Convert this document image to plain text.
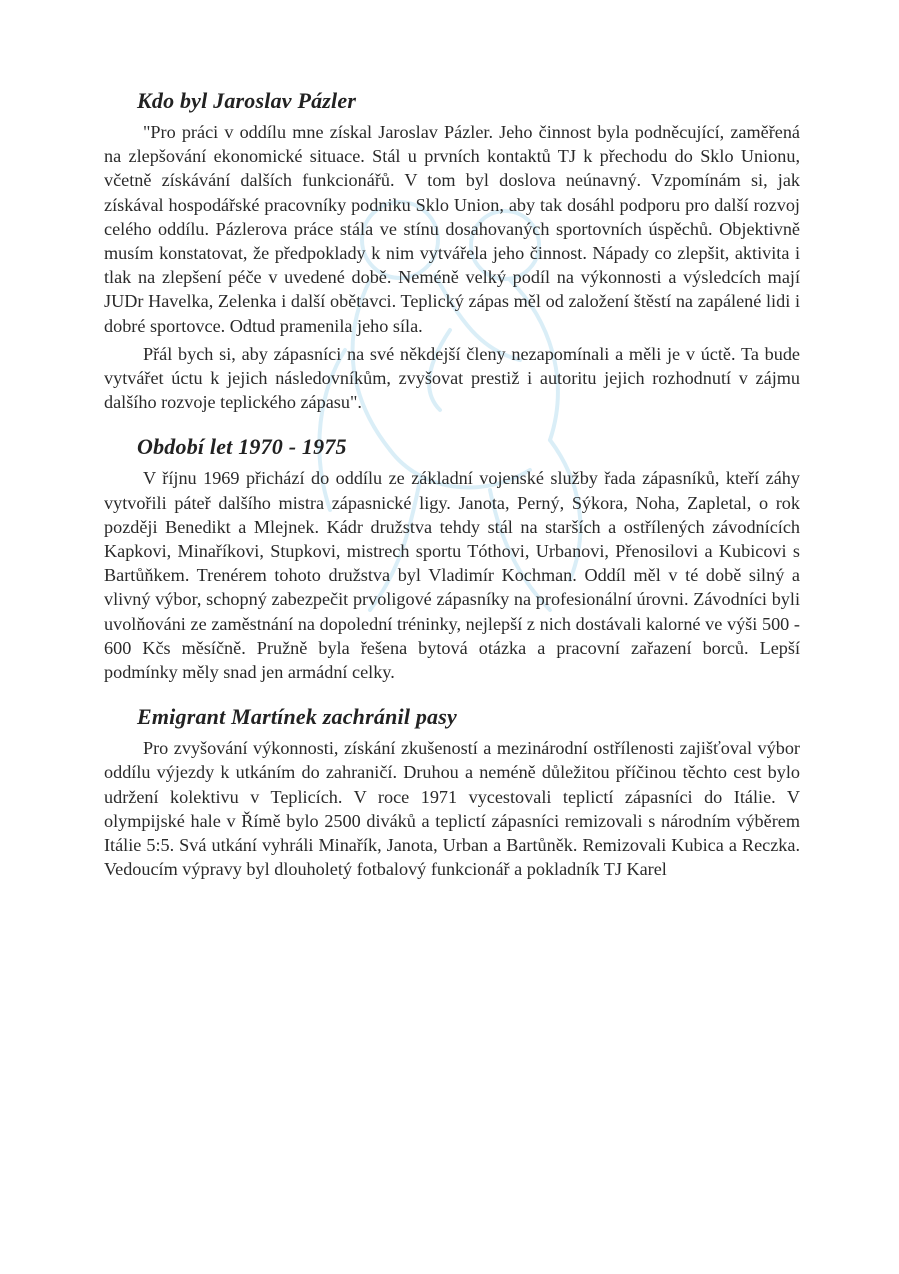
Kdo byl Jaroslav Pázler

"Pro práci v oddílu mne získal Jaroslav Pázler. Jeho činnost byla podněcující, zaměřená na zlepšování ekonomické situace. Stál u prvních kontaktů TJ k přechodu do Sklo Unionu, včetně získávání dalších funkcionářů. V tom byl doslova neúnavný. Vzpomínám si, jak získával hospodářské pracovníky podniku Sklo Union, aby tak dosáhl podporu pro další rozvoj celého oddílu. Pázlerova práce stála ve stínu dosahovaných sportovních úspěchů. Objektivně musím konstatovat, že předpoklady k nim vytvářela jeho činnost. Nápady co zlepšit, aktivita i tlak na zlepšení péče v uvedené době. Neméně velký podíl na výkonnosti a výsledcích mají JUDr Havelka, Zelenka i další obětavci. Teplický zápas měl od založení štěstí na zapálené lidi i dobré sportovce. Odtud pramenila jeho síla.

Přál bych si, aby zápasníci na své někdejší členy nezapomínali a měli je v úctě. Ta bude vytvářet úctu k jejich následovníkům, zvyšovat prestiž i autoritu jejich rozhodnutí v zájmu dalšího rozvoje teplického zápasu".

Období let 1970 - 1975

V říjnu 1969 přichází do oddílu ze základní vojenské služby řada zápasníků, kteří záhy vytvořili páteř dalšího mistra zápasnické ligy. Janota, Perný, Sýkora, Noha, Zapletal, o rok později Benedikt a Mlejnek. Kádr družstva tehdy stál na starších a ostřílených závodnících Kapkovi, Minaříkovi, Stupkovi, mistrech sportu Tóthovi, Urbanovi, Přenosilovi a Kubicovi s Bartůňkem. Trenérem tohoto družstva byl Vladimír Kochman. Oddíl měl v té době silný a vlivný výbor, schopný zabezpečit prvoligové zápasníky na profesionální úrovni. Závodníci byli uvolňováni ze zaměstnání na dopolední tréninky, nejlepší z nich dostávali kalorné ve výši 500 - 600 Kčs měsíčně. Pružně byla řešena bytová otázka a pracovní zařazení borců. Lepší podmínky měly snad jen armádní celky.

Emigrant Martínek zachránil pasy

Pro zvyšování výkonnosti, získání zkušeností a mezinárodní ostřílenosti zajišťoval výbor oddílu výjezdy k utkáním do zahraničí. Druhou a neméně důležitou příčinou těchto cest bylo udržení kolektivu v Teplicích. V roce 1971 vycestovali teplictí zápasníci do Itálie. V olympijské hale v Římě bylo 2500 diváků a teplictí zápasníci remizovali s národním výběrem Itálie 5:5. Svá utkání vyhráli Minařík, Janota, Urban a Bartůněk. Remizovali Kubica a Reczka. Vedoucím výpravy byl dlouholetý fotbalový funkcionář a pokladník TJ Karel
